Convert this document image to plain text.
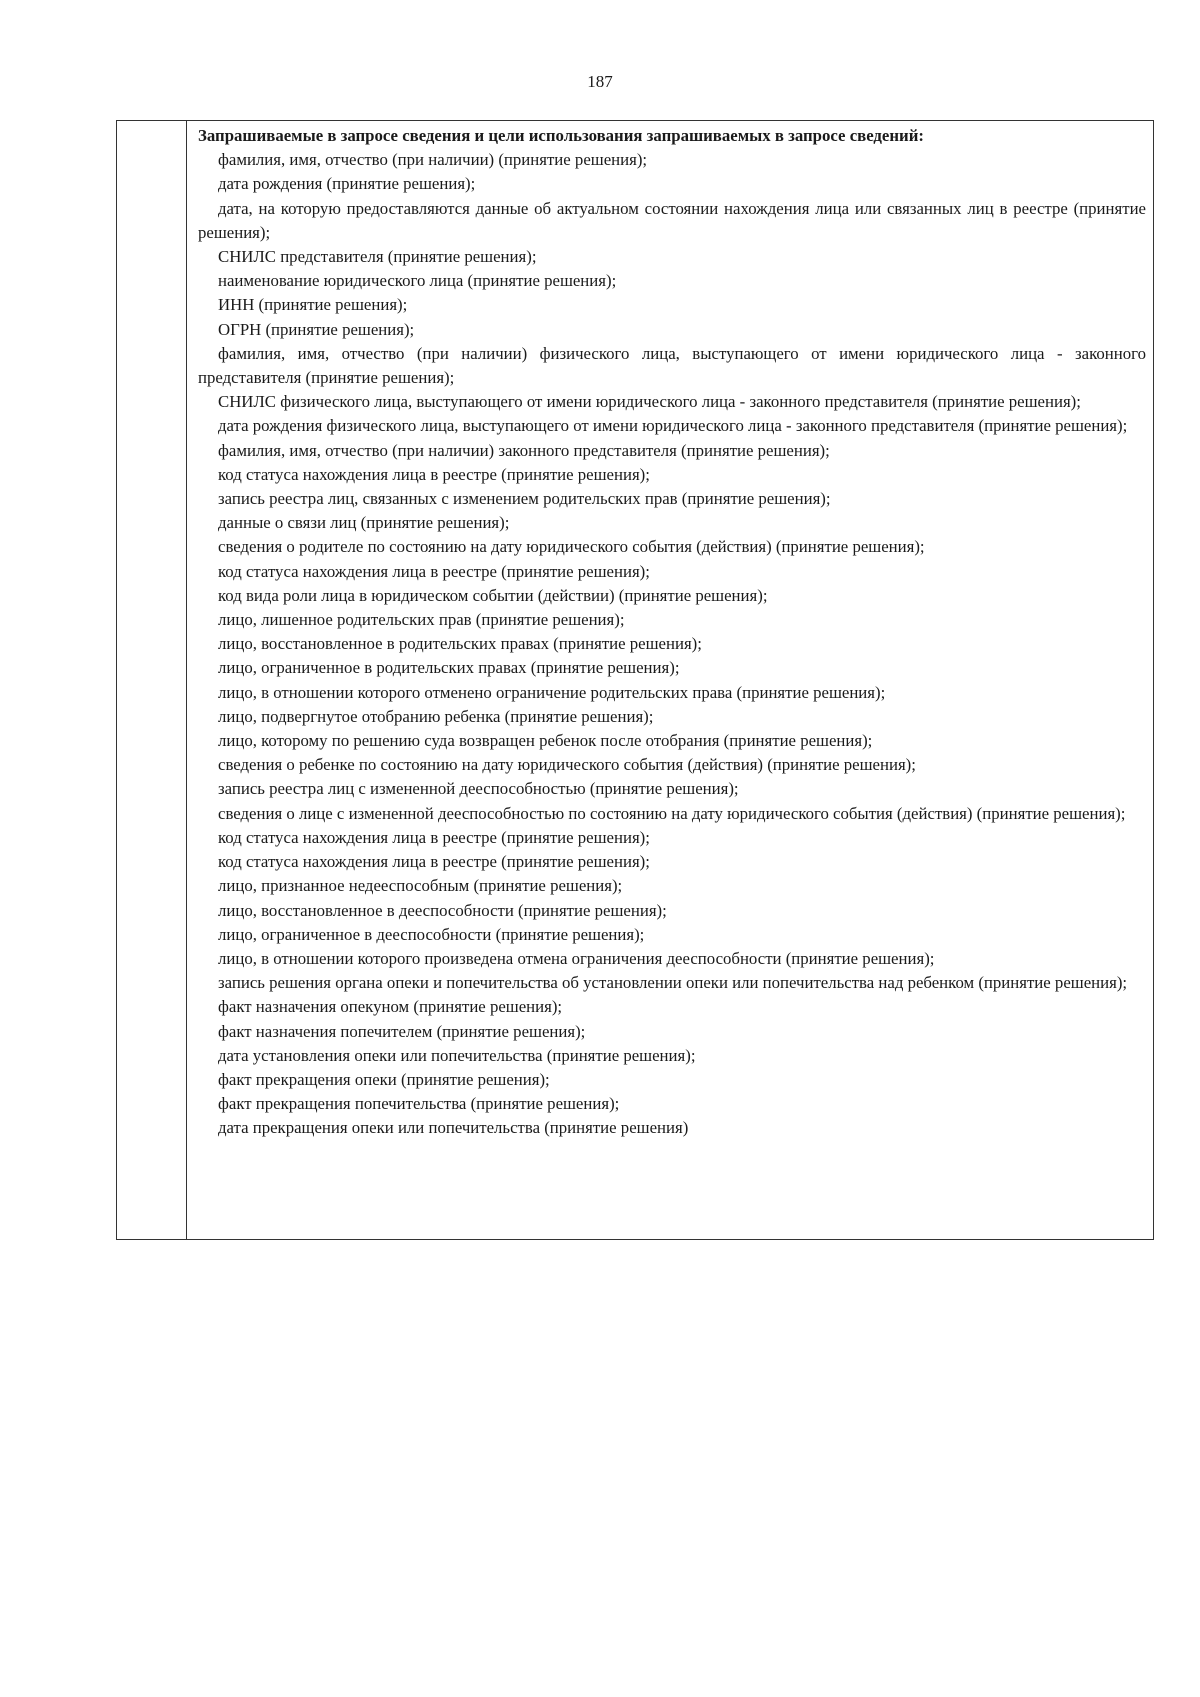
187

Запрашиваемые в запросе сведения и цели использования запрашиваемых в запросе сведений:

фамилия, имя, отчество (при наличии) (принятие решения);

дата рождения (принятие решения);

дата, на которую предоставляются данные об актуальном состоянии нахождения лица или связанных лиц в реестре (принятие решения);

СНИЛС представителя (принятие решения);

наименование юридического лица (принятие решения);

ИНН (принятие решения);

ОГРН (принятие решения);

фамилия, имя, отчество (при наличии) физического лица, выступающего от имени юридического лица - законного представителя (принятие решения);

СНИЛС физического лица, выступающего от имени юридического лица - законного представителя (принятие решения);

дата рождения физического лица, выступающего от имени юридического лица - законного представителя (принятие решения);

фамилия, имя, отчество (при наличии) законного представителя (принятие решения);

код статуса нахождения лица в реестре (принятие решения);

запись реестра лиц, связанных с изменением родительских прав (принятие решения);

данные о связи лиц (принятие решения);

сведения о родителе по состоянию на дату юридического события (действия) (принятие решения);

код статуса нахождения лица в реестре (принятие решения);

код вида роли лица в юридическом событии (действии) (принятие решения);

лицо, лишенное родительских прав (принятие решения);

лицо, восстановленное в родительских правах (принятие решения);

лицо, ограниченное в родительских правах (принятие решения);

лицо, в отношении которого отменено ограничение родительских права (принятие решения);

лицо, подвергнутое отобранию ребенка (принятие решения);

лицо, которому по решению суда возвращен ребенок после отобрания (принятие решения);

сведения о ребенке по состоянию на дату юридического события (действия) (принятие решения);

запись реестра лиц с измененной дееспособностью (принятие решения);

сведения о лице с измененной дееспособностью по состоянию на дату юридического события (действия) (принятие решения);

код статуса нахождения лица в реестре (принятие решения);

код статуса нахождения лица в реестре (принятие решения);

лицо, признанное недееспособным (принятие решения);

лицо, восстановленное в дееспособности (принятие решения);

лицо, ограниченное в дееспособности (принятие решения);

лицо, в отношении которого произведена отмена ограничения дееспособности (принятие решения);

запись решения органа опеки и попечительства об установлении опеки или попечительства над ребенком (принятие решения);

факт назначения опекуном (принятие решения);

факт назначения попечителем (принятие решения);

дата установления опеки или попечительства (принятие решения);

факт прекращения опеки (принятие решения);

факт прекращения попечительства (принятие решения);

дата прекращения опеки или попечительства (принятие решения)
